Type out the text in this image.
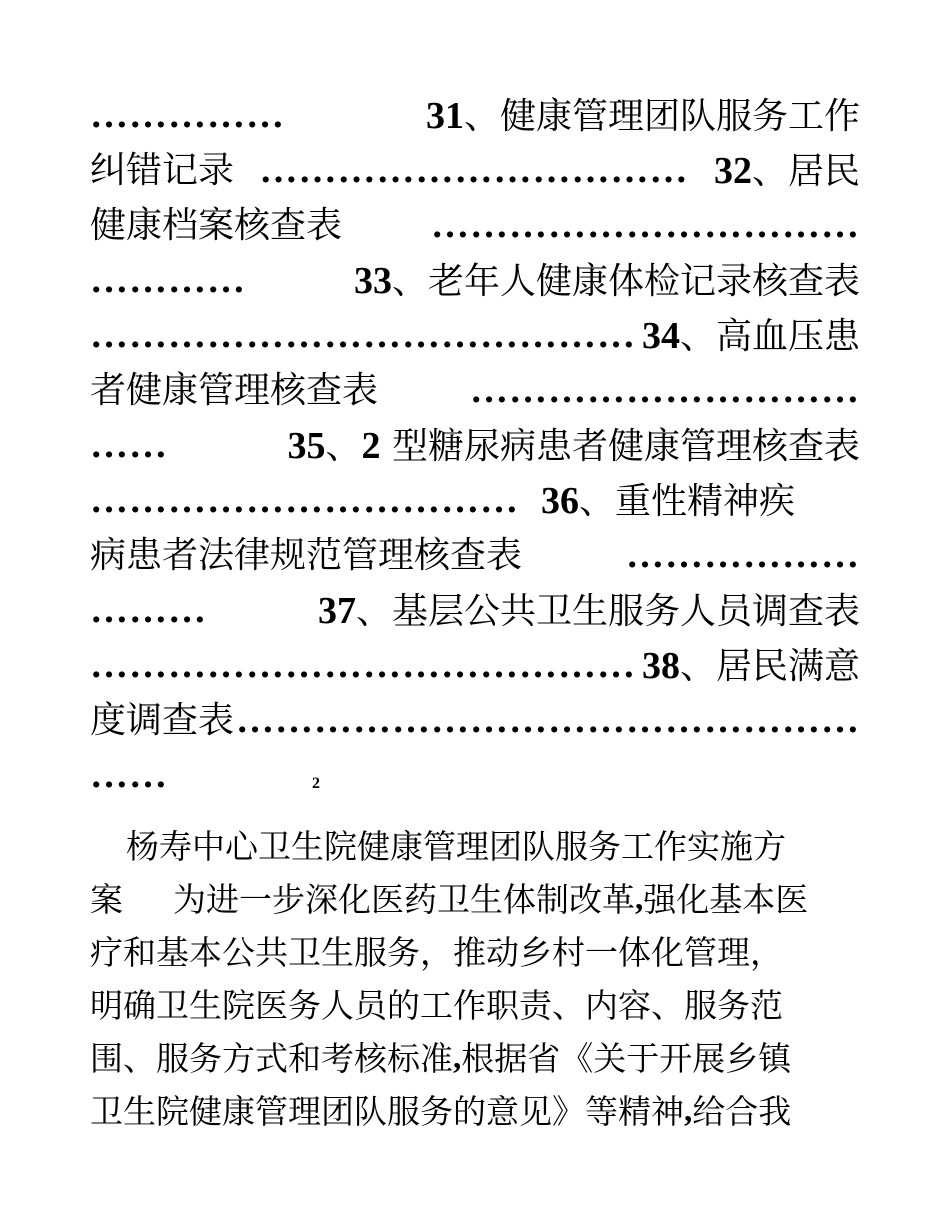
……………	31、健康管理团队服务工作
纠错记录 …………………………… 32、居民
健康档案核查表 ……………………………
…………	33、老年人健康体检记录核查表
…………………………………… 34、高血压患
者健康管理核查表 …………………………
……	35、2 型糖尿病患者健康管理核查表
…………………………… 36、重性精神疾
病患者法律规范管理核查表	………………
………	37、基层公共卫生服务人员调查表
…………………………………… 38、居民满意
度调查表 …………………………………………
……	2
杨寿中心卫生院健康管理团队服务工作实施方
案 为进一步深化医药卫生体制改革 , 强化基本医
疗和基本公共卫生服务，推动乡村一体化管理，
明确卫生院医务人员的工作职责、内容、服务范
围、服务方式和考核标准 , 根据省《关于开展乡镇
卫生院健康管理团队服务的意见》等精神 , 给合我
